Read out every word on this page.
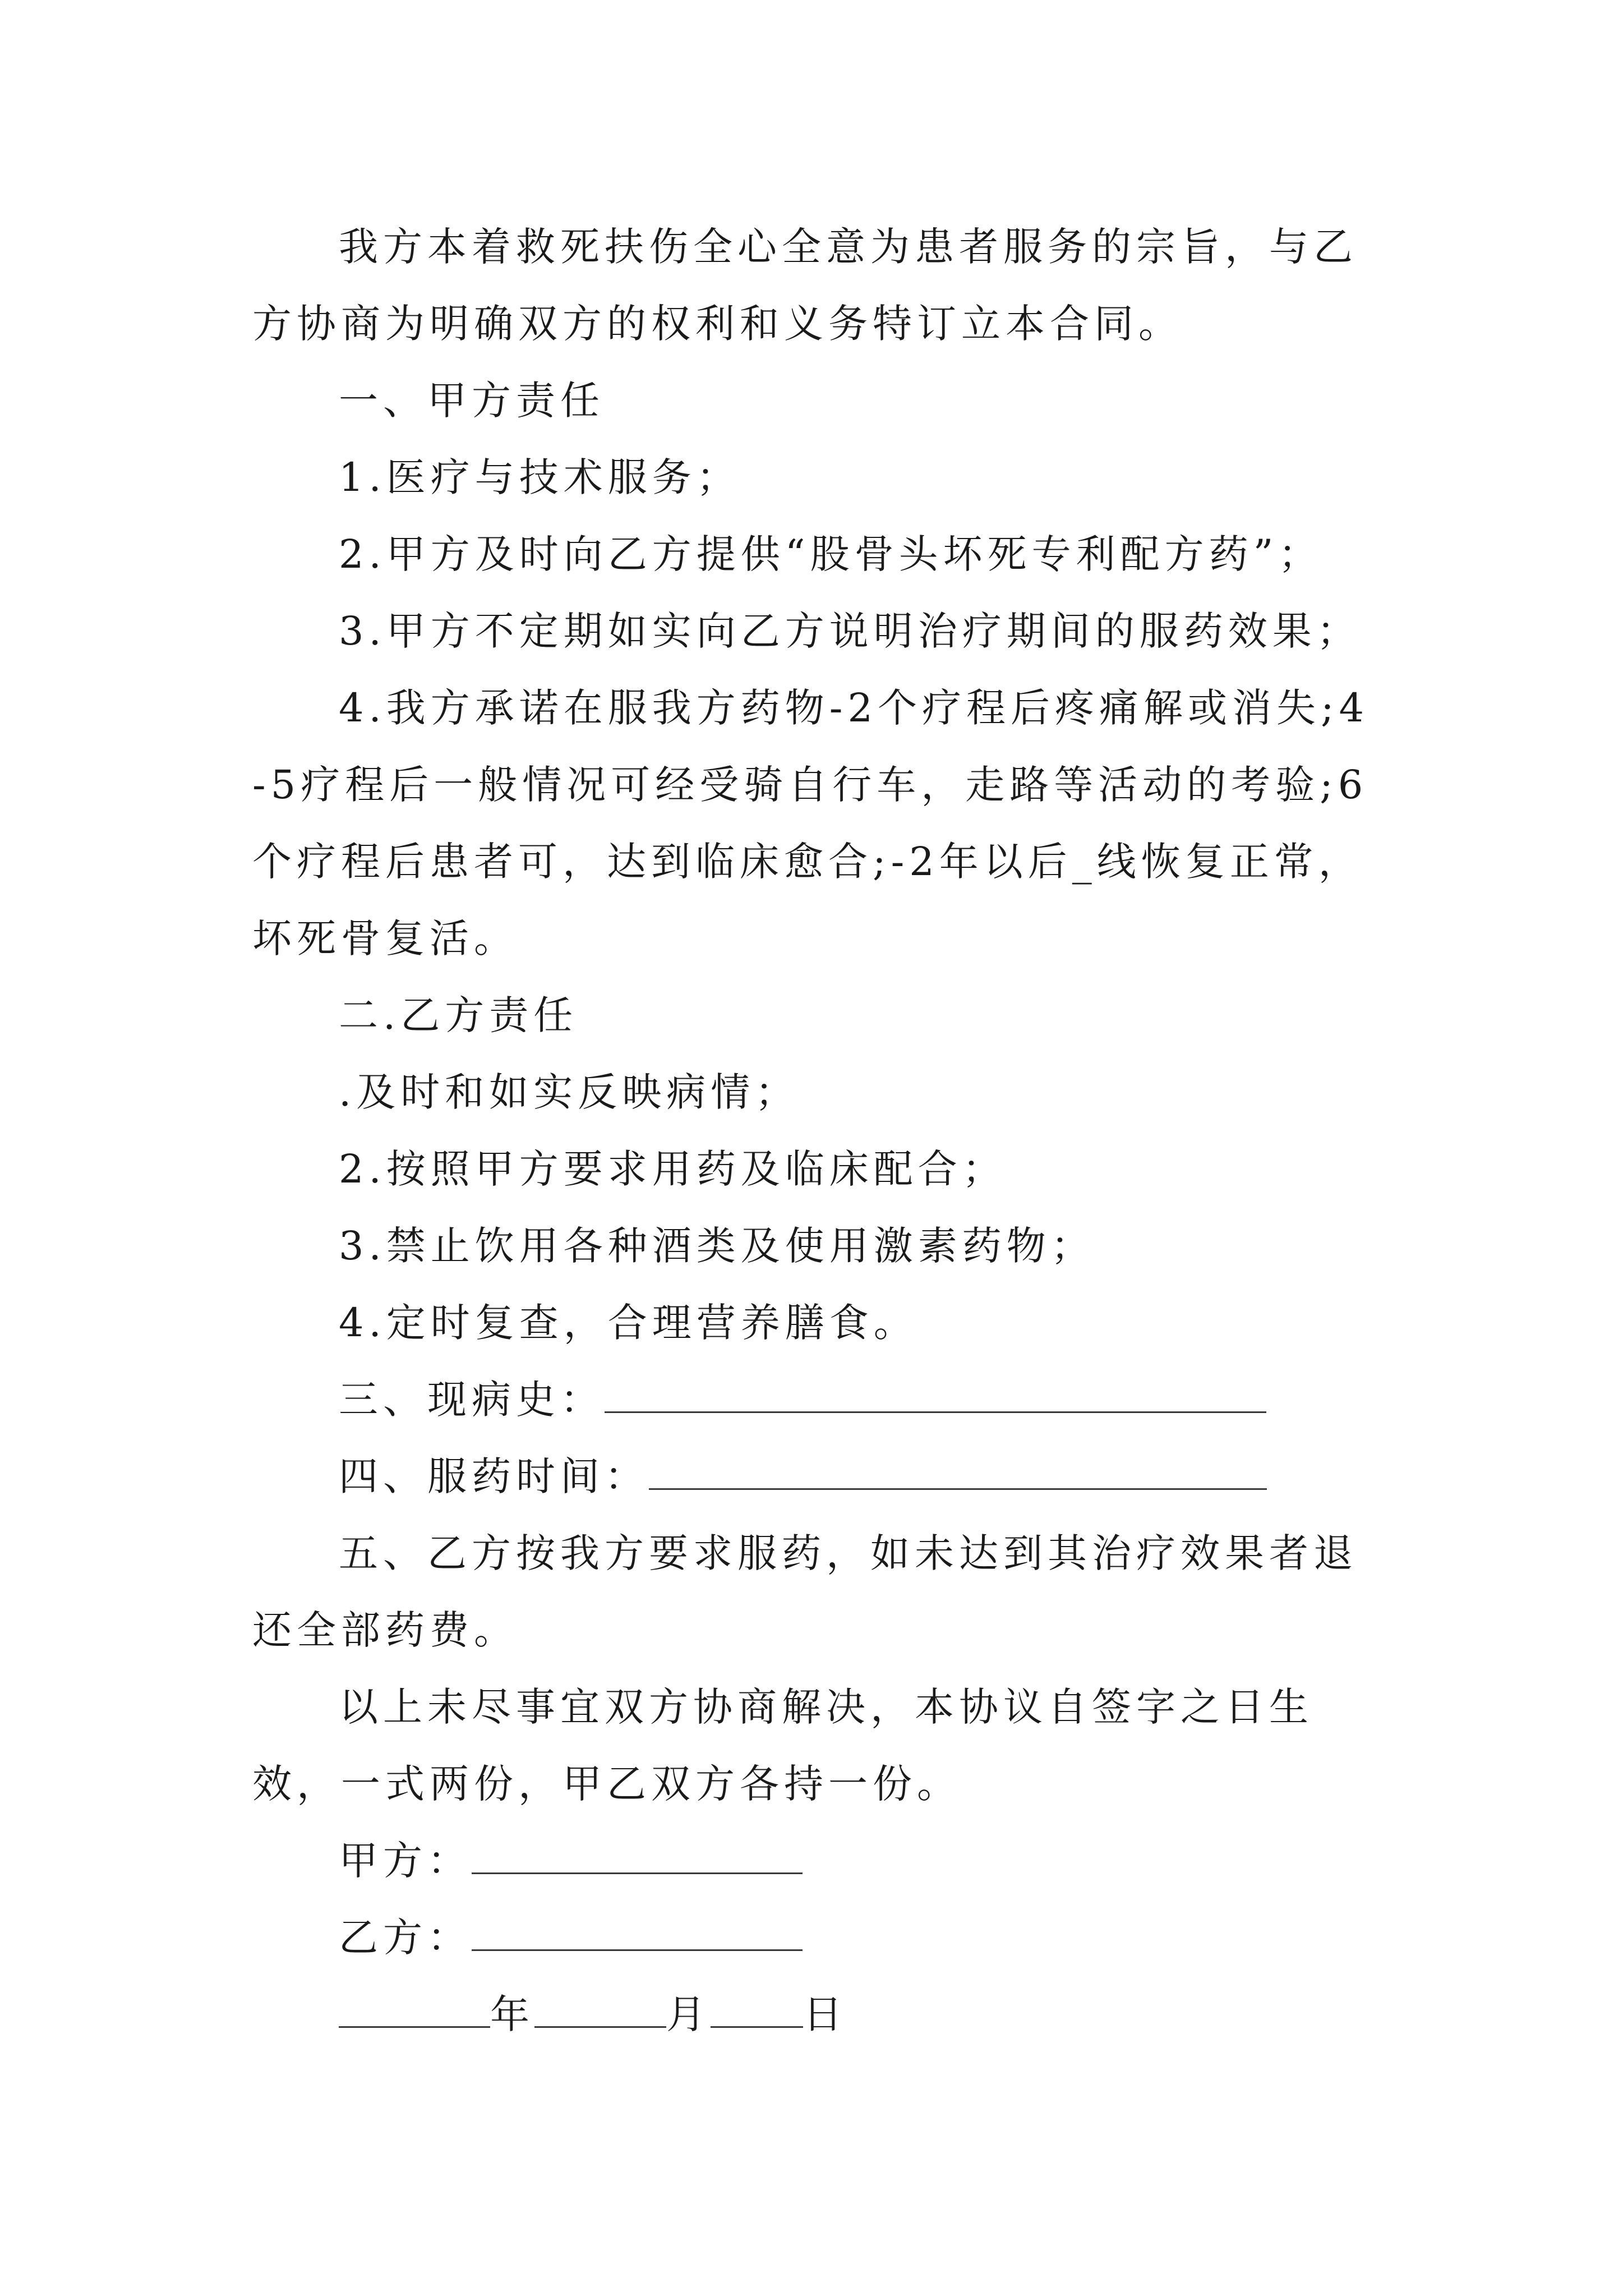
我方本着救死扶伤全心全意为患者服务的宗旨，与乙方协商为明确双方的权利和义务特订立本合同。

一、甲方责任

1.医疗与技术服务；

2.甲方及时向乙方提供“股骨头坏死专利配方药”；

3.甲方不定期如实向乙方说明治疗期间的服药效果；

4.我方承诺在服我方药物-2个疗程后疼痛解或消失;4-5疗程后一般情况可经受骑自行车，走路等活动的考验;6个疗程后患者可，达到临床愈合;-2年以后_线恢复正常，坏死骨复活。

二.乙方责任

.及时和如实反映病情；

2.按照甲方要求用药及临床配合；

3.禁止饮用各种酒类及使用激素药物；

4.定时复查，合理营养膳食。

三、现病史：

四、服药时间：

五、乙方按我方要求服药，如未达到其治疗效果者退还全部药费。

以上未尽事宜双方协商解决，本协议自签字之日生效，一式两份，甲乙双方各持一份。

甲方：

乙方：

年	月 日
